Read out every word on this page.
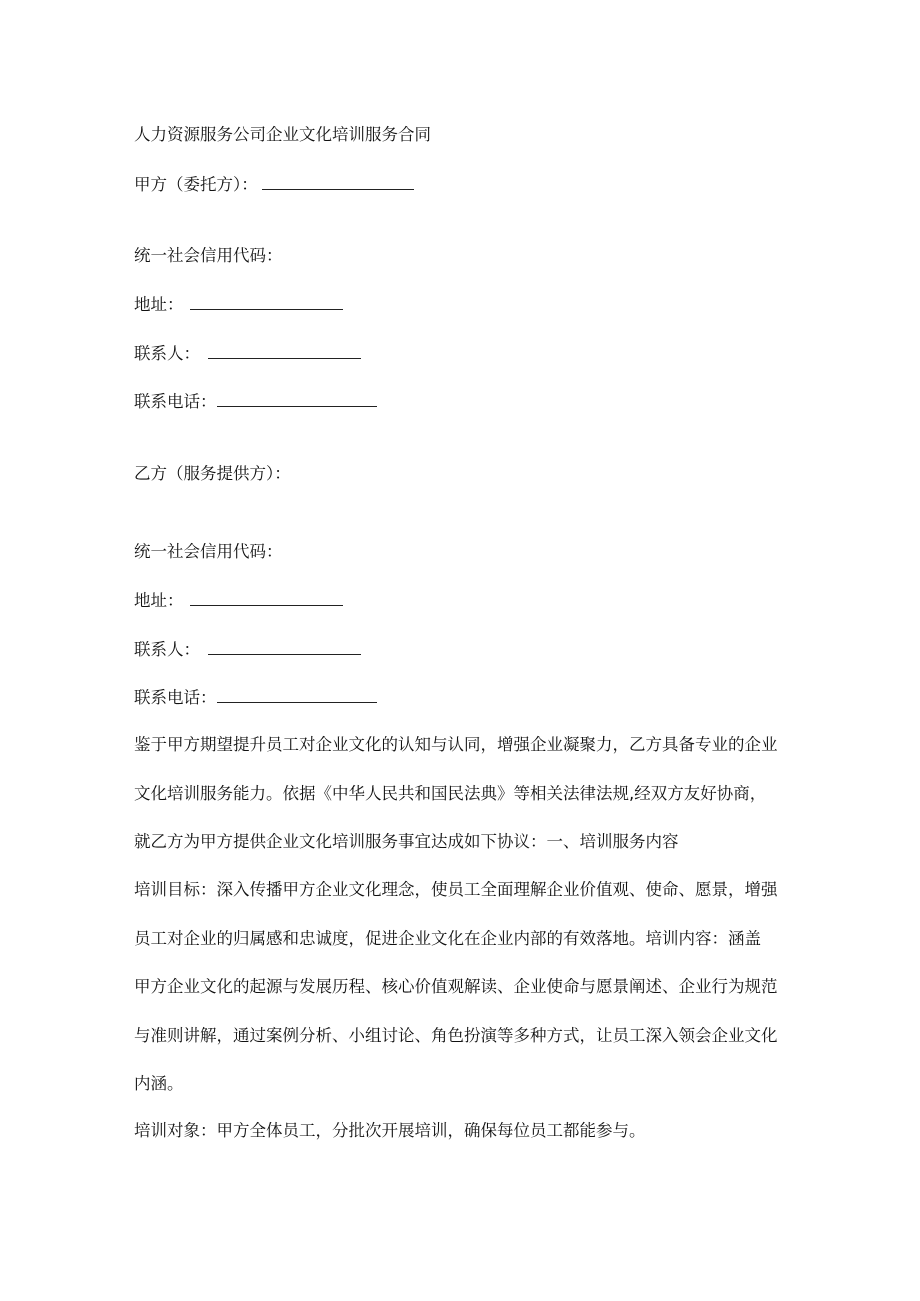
人力资源服务公司企业文化培训服务合同
甲方（委托方）：
统一社会信用代码：
地址：
联系人：
联系电话：
乙方（服务提供方）：
统一社会信用代码：
地址：
联系人：
联系电话：
鉴于甲方期望提升员工对企业文化的认知与认同，增强企业凝聚力，乙方具备专业的企业
文化培训服务能力。依据《中华人民共和国民法典》等相关法律法规,经双方友好协商，
就乙方为甲方提供企业文化培训服务事宜达成如下协议：一、培训服务内容
培训目标：深入传播甲方企业文化理念，使员工全面理解企业价值观、使命、愿景，增强
员工对企业的归属感和忠诚度，促进企业文化在企业内部的有效落地。培训内容：涵盖
甲方企业文化的起源与发展历程、核心价值观解读、企业使命与愿景阐述、企业行为规范
与准则讲解，通过案例分析、小组讨论、角色扮演等多种方式，让员工深入领会企业文化
内涵。
培训对象：甲方全体员工，分批次开展培训，确保每位员工都能参与。
